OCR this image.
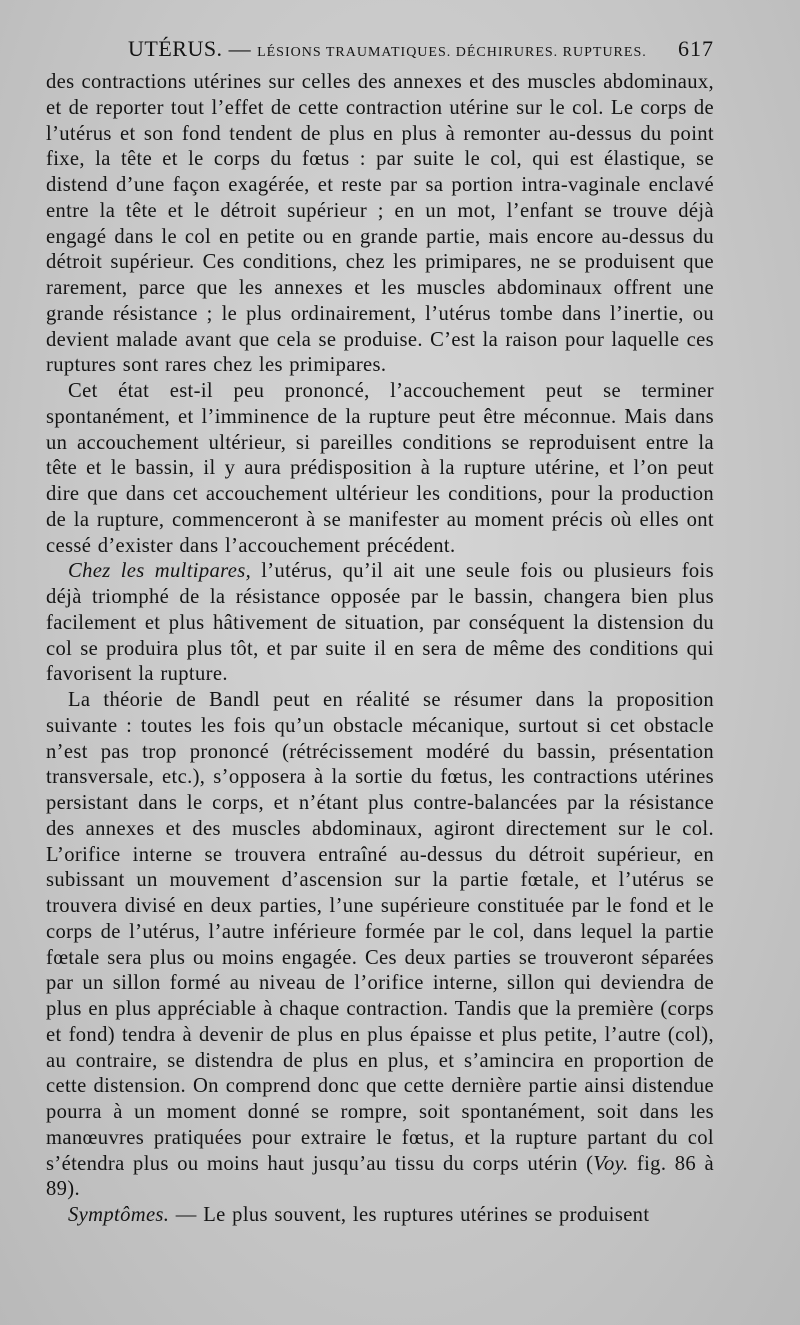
UTÉRUS. — LÉSIONS TRAUMATIQUES. DÉCHIRURES. RUPTURES. 617

des contractions utérines sur celles des annexes et des muscles abdominaux, et de reporter tout l’effet de cette contraction utérine sur le col. Le corps de l’utérus et son fond tendent de plus en plus à remonter au-dessus du point fixe, la tête et le corps du fœtus : par suite le col, qui est élastique, se distend d’une façon exagérée, et reste par sa portion intra-vaginale enclavé entre la tête et le détroit supérieur ; en un mot, l’enfant se trouve déjà engagé dans le col en petite ou en grande partie, mais encore au-dessus du détroit supérieur. Ces conditions, chez les primipares, ne se produisent que rarement, parce que les annexes et les muscles abdominaux offrent une grande résistance ; le plus ordinairement, l’utérus tombe dans l’inertie, ou devient malade avant que cela se produise. C’est la raison pour laquelle ces ruptures sont rares chez les primipares.

Cet état est-il peu prononcé, l’accouchement peut se terminer spontanément, et l’imminence de la rupture peut être méconnue. Mais dans un accouchement ultérieur, si pareilles conditions se reproduisent entre la tête et le bassin, il y aura prédisposition à la rupture utérine, et l’on peut dire que dans cet accouchement ultérieur les conditions, pour la production de la rupture, commenceront à se manifester au moment précis où elles ont cessé d’exister dans l’accouchement précédent.

Chez les multipares, l’utérus, qu’il ait une seule fois ou plusieurs fois déjà triomphé de la résistance opposée par le bassin, changera bien plus facilement et plus hâtivement de situation, par conséquent la distension du col se produira plus tôt, et par suite il en sera de même des conditions qui favorisent la rupture.

La théorie de Bandl peut en réalité se résumer dans la proposition suivante : toutes les fois qu’un obstacle mécanique, surtout si cet obstacle n’est pas trop prononcé (rétrécissement modéré du bassin, présentation transversale, etc.), s’opposera à la sortie du fœtus, les contractions utérines persistant dans le corps, et n’étant plus contre-balancées par la résistance des annexes et des muscles abdominaux, agiront directement sur le col. L’orifice interne se trouvera entraîné au-dessus du détroit supérieur, en subissant un mouvement d’ascension sur la partie fœtale, et l’utérus se trouvera divisé en deux parties, l’une supérieure constituée par le fond et le corps de l’utérus, l’autre inférieure formée par le col, dans lequel la partie fœtale sera plus ou moins engagée. Ces deux parties se trouveront séparées par un sillon formé au niveau de l’orifice interne, sillon qui deviendra de plus en plus appréciable à chaque contraction. Tandis que la première (corps et fond) tendra à devenir de plus en plus épaisse et plus petite, l’autre (col), au contraire, se distendra de plus en plus, et s’amincira en proportion de cette distension. On comprend donc que cette dernière partie ainsi distendue pourra à un moment donné se rompre, soit spontanément, soit dans les manœuvres pratiquées pour extraire le fœtus, et la rupture partant du col s’étendra plus ou moins haut jusqu’au tissu du corps utérin (Voy. fig. 86 à 89).

Symptômes. — Le plus souvent, les ruptures utérines se produisent
